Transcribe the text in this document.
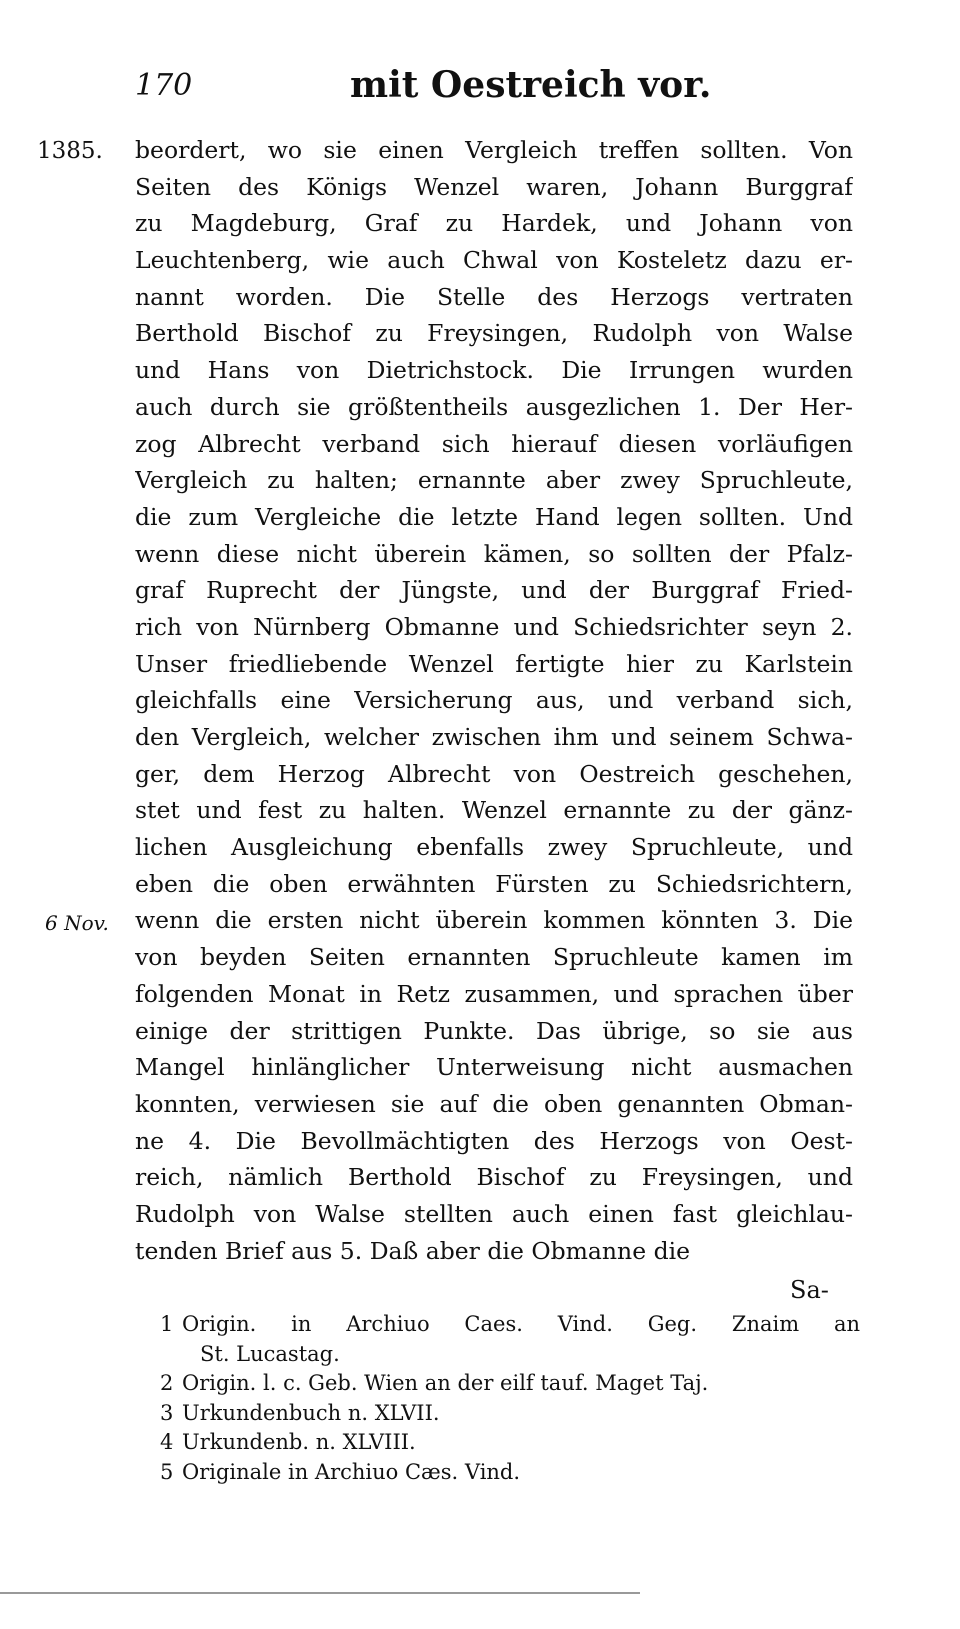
170	mit Oestreich vor.
1385.
6 Nov.
beordert, wo sie einen Vergleich treffen sollten. Von
Seiten des Königs Wenzel waren, Johann Burggraf
zu Magdeburg, Graf zu Hardek, und Johann von
Leuchtenberg, wie auch Chwal von Kosteletz dazu er-
nannt worden. Die Stelle des Herzogs vertraten
Berthold Bischof zu Freysingen, Rudolph von Walse
und Hans von Dietrichstock. Die Irrungen wurden
auch durch sie größtentheils ausgezlichen 1. Der Her-
zog Albrecht verband sich hierauf diesen vorläufigen
Vergleich zu halten; ernannte aber zwey Spruchleute,
die zum Vergleiche die letzte Hand legen sollten. Und
wenn diese nicht überein kämen, so sollten der Pfalz-
graf Ruprecht der Jüngste, und der Burggraf Fried-
rich von Nürnberg Obmanne und Schiedsrichter seyn 2.
Unser friedliebende Wenzel fertigte hier zu Karlstein
gleichfalls eine Versicherung aus, und verband sich,
den Vergleich, welcher zwischen ihm und seinem Schwa-
ger, dem Herzog Albrecht von Oestreich geschehen,
stet und fest zu halten. Wenzel ernannte zu der gänz-
lichen Ausgleichung ebenfalls zwey Spruchleute, und
eben die oben erwähnten Fürsten zu Schiedsrichtern,
wenn die ersten nicht überein kommen könnten 3. Die
von beyden Seiten ernannten Spruchleute kamen im
folgenden Monat in Retz zusammen, und sprachen über
einige der strittigen Punkte. Das übrige, so sie aus
Mangel hinlänglicher Unterweisung nicht ausmachen
konnten, verwiesen sie auf die oben genannten Obman-
ne 4. Die Bevollmächtigten des Herzogs von Oest-
reich, nämlich Berthold Bischof zu Freysingen, und
Rudolph von Walse stellten auch einen fast gleichlau-
tenden Brief aus 5. Daß aber die Obmanne die
Sa-
1 Origin. in Archiuo Caes. Vind. Geg. Znaim an
St. Lucastag.
2 Origin. l. c. Geb. Wien an der eilf tauf. Maget Taj.
3 Urkundenbuch n. XLVII.
4 Urkundenb. n. XLVIII.
5 Originale in Archiuo Cæs. Vind.
